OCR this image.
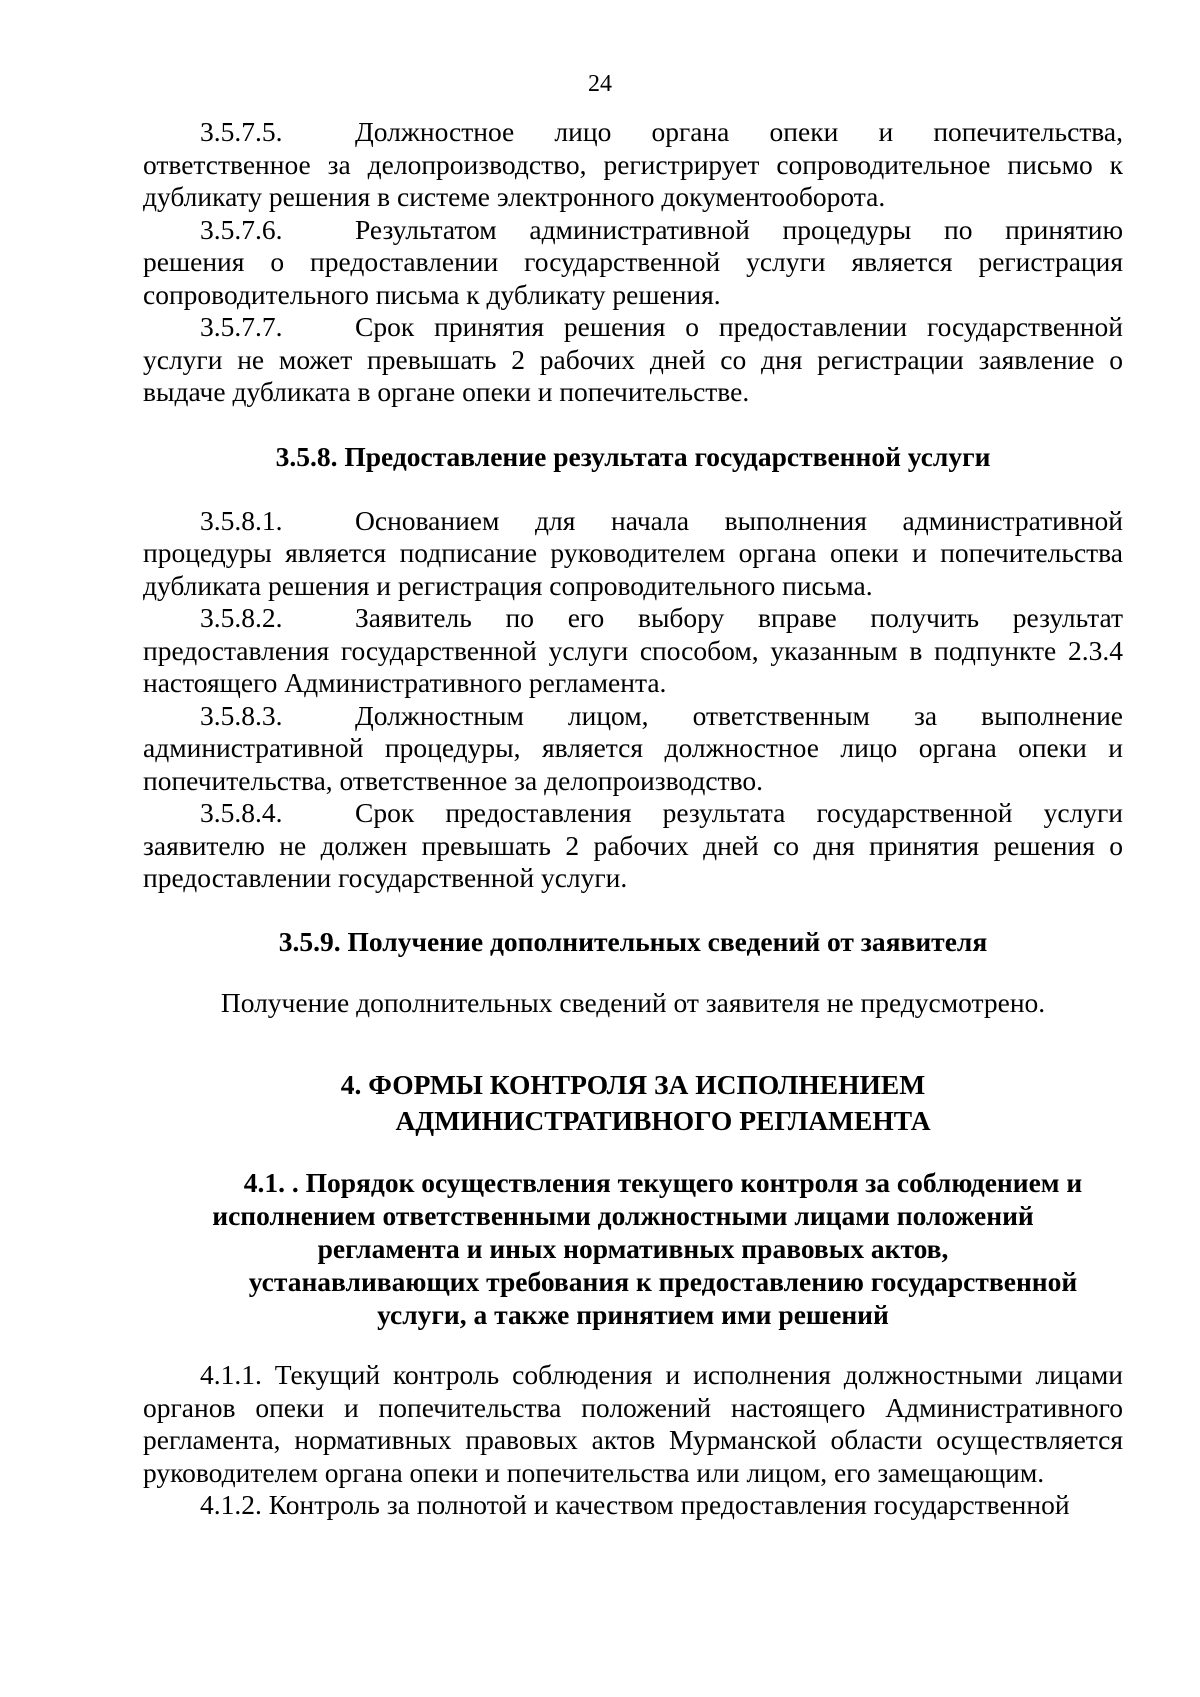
24

3.5.7.5.	Должностное лицо органа опеки и попечительства, ответственное за делопроизводство, регистрирует сопроводительное письмо к дубликату решения в системе электронного документооборота.

3.5.7.6.	Результатом административной процедуры по принятию решения о предоставлении государственной услуги является регистрация сопроводительного письма к дубликату решения.

3.5.7.7.	Срок принятия решения о предоставлении государственной услуги не может превышать 2 рабочих дней со дня регистрации заявление о выдаче дубликата в органе опеки и попечительстве.

3.5.8. Предоставление результата государственной услуги

3.5.8.1.	Основанием для начала выполнения административной процедуры является подписание руководителем органа опеки и попечительства дубликата решения и регистрация сопроводительного письма.

3.5.8.2.	Заявитель по его выбору вправе получить результат предоставления государственной услуги способом, указанным в подпункте 2.3.4 настоящего Административного регламента.

3.5.8.3.	Должностным лицом, ответственным за выполнение административной процедуры, является должностное лицо органа опеки и попечительства, ответственное за делопроизводство.

3.5.8.4.	Срок предоставления результата государственной услуги заявителю не должен превышать 2 рабочих дней со дня принятия решения о предоставлении государственной услуги.

3.5.9. Получение дополнительных сведений от заявителя

Получение дополнительных сведений от заявителя не предусмотрено.

4. ФОРМЫ КОНТРОЛЯ ЗА ИСПОЛНЕНИЕМ
АДМИНИСТРАТИВНОГО РЕГЛАМЕНТА

4.1. . Порядок осуществления текущего контроля за соблюдением и
исполнением ответственными должностными лицами положений
регламента и иных нормативных правовых актов,
устанавливающих требования к предоставлению государственной
услуги, а также принятием ими решений

4.1.1. Текущий контроль соблюдения и исполнения должностными лицами органов опеки и попечительства положений настоящего Административного регламента, нормативных правовых актов Мурманской области осуществляется руководителем органа опеки и попечительства или лицом, его замещающим.

4.1.2. Контроль за полнотой и качеством предоставления государственной
